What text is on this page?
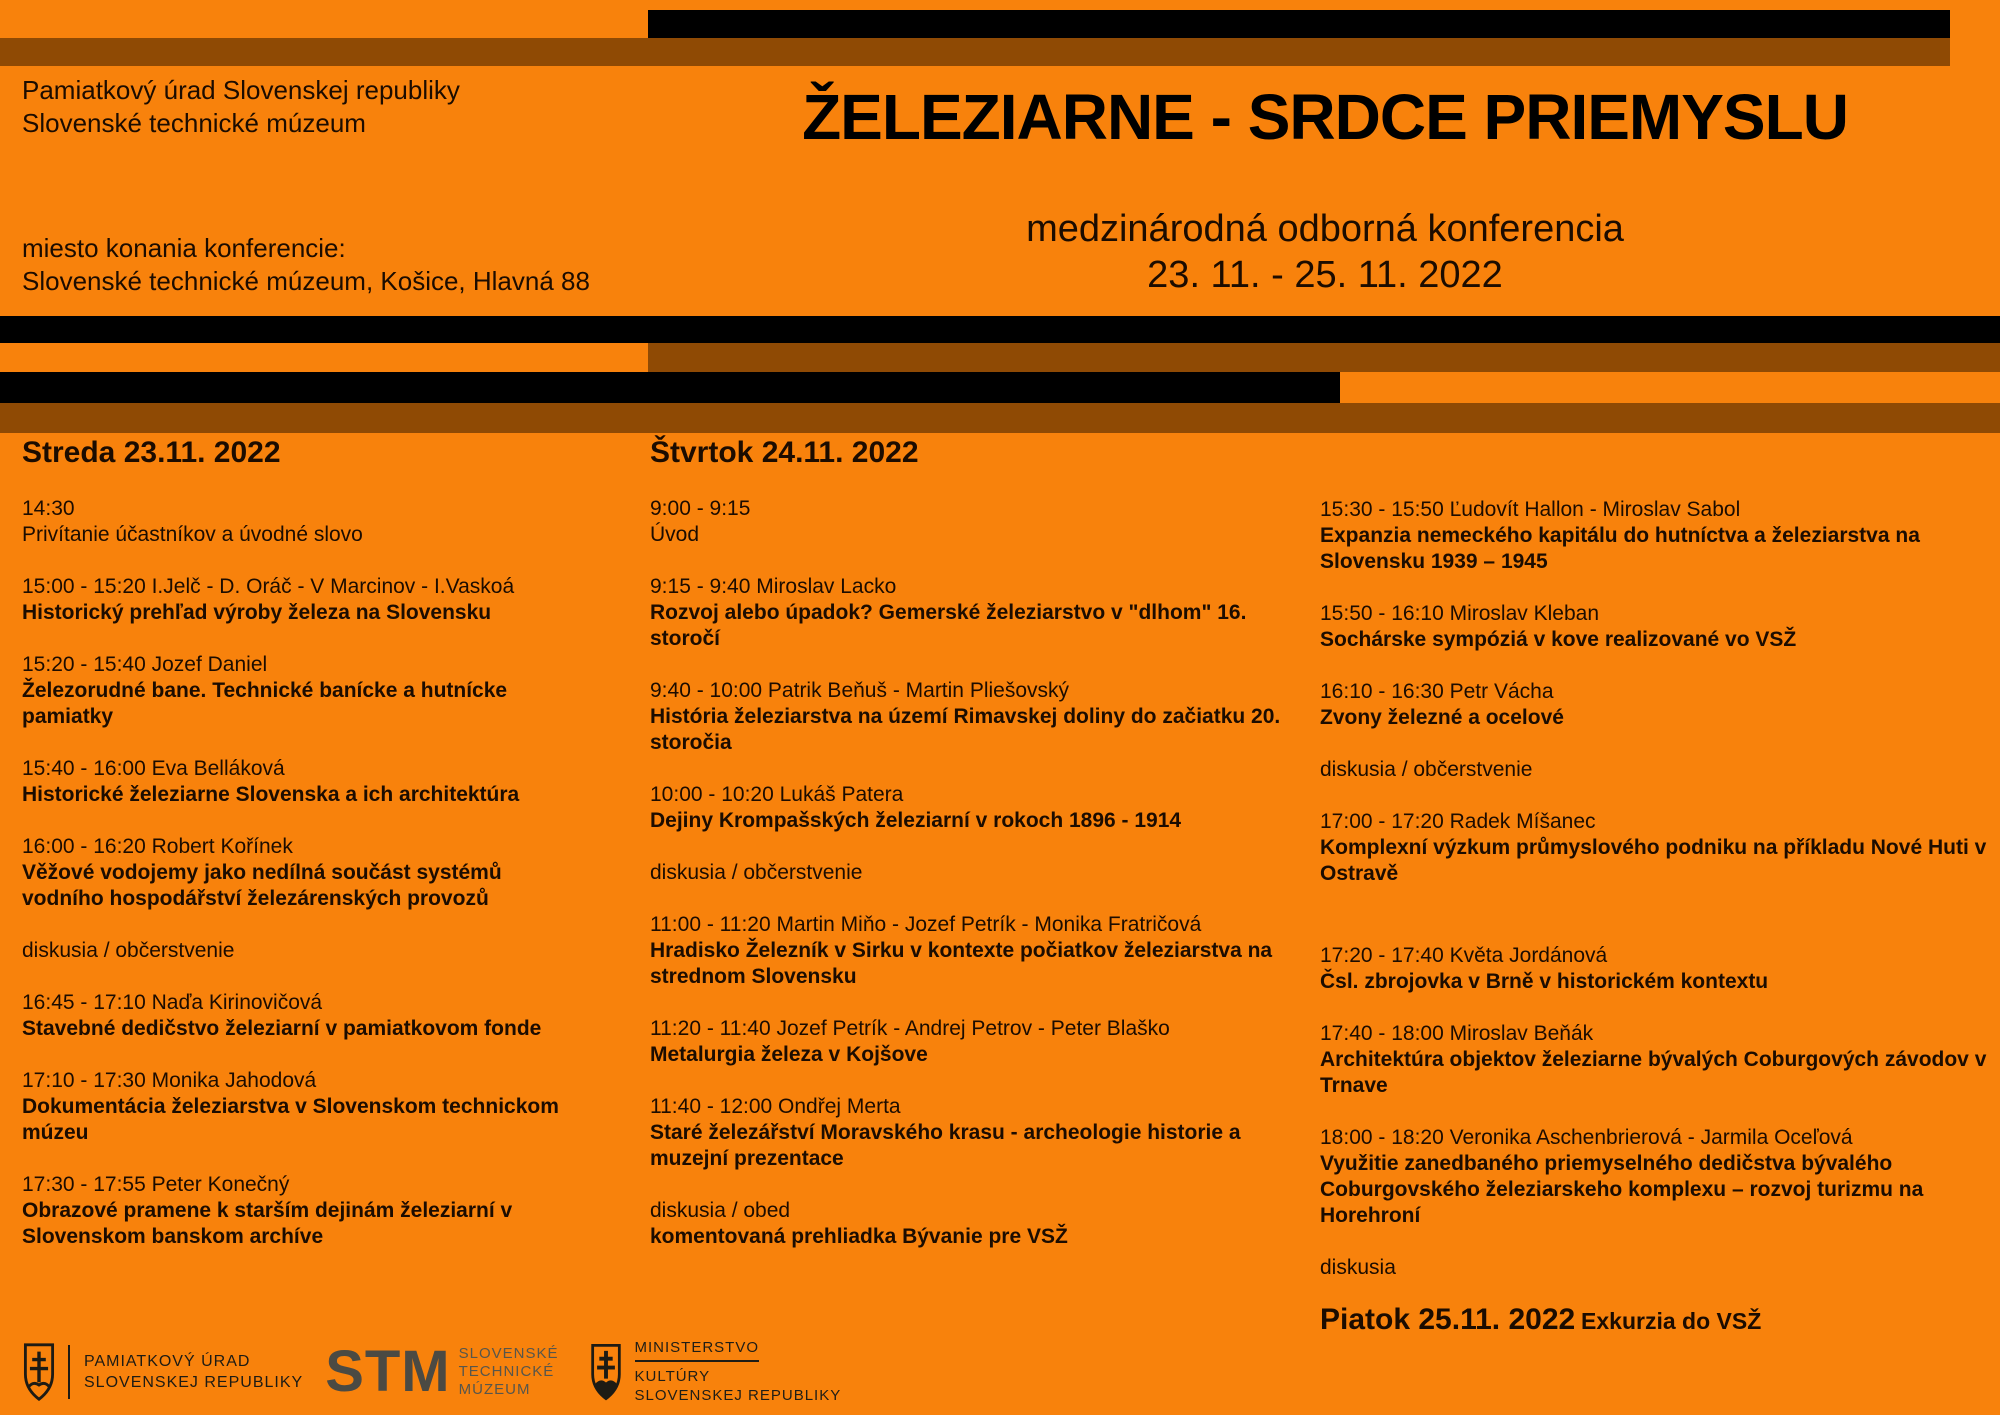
Pamiatkový úrad Slovenskej republiky
Slovenské technické múzeum
miesto konania konferencie:
Slovenské technické múzeum, Košice, Hlavná 88
ŽELEZIARNE - SRDCE PRIEMYSLU
medzinárodná odborná konferencia
23. 11. - 25. 11. 2022
Streda 23.11. 2022
14:30
Privítanie účastníkov a úvodné slovo
15:00 - 15:20 I.Jelč - D. Oráč - V Marcinov - I.Vaskoá
Historický prehľad výroby železa na Slovensku
15:20 - 15:40 Jozef Daniel
Železorudné bane. Technické banícke a hutnícke pamiatky
15:40 - 16:00 Eva Belláková
Historické železiarne Slovenska a ich architektúra
16:00 - 16:20 Robert Kořínek
Věžové vodojemy jako nedílná součást systémů vodního hospodářství železárenských provozů
diskusia / občerstvenie
16:45 - 17:10 Naďa Kirinovičová
Stavebné dedičstvo železiarní v pamiatkovom fonde
17:10 - 17:30 Monika Jahodová
Dokumentácia železiarstva v Slovenskom technickom múzeu
17:30 - 17:55 Peter Konečný
Obrazové pramene k starším dejinám železiarní v Slovenskom banskom archíve
Štvrtok 24.11. 2022
9:00 - 9:15
Úvod
9:15 - 9:40 Miroslav Lacko
Rozvoj alebo úpadok? Gemerské železiarstvo v "dlhom" 16. storočí
9:40 - 10:00 Patrik Beňuš - Martin Pliešovský
História železiarstva na území Rimavskej doliny do začiatku 20. storočia
10:00 - 10:20 Lukáš Patera
Dejiny Krompašských železiarní v rokoch 1896 - 1914
diskusia / občerstvenie
11:00 - 11:20 Martin Miňo - Jozef Petrík - Monika Fratričová
Hradisko Železník v Sirku v kontexte počiatkov železiarstva na strednom Slovensku
11:20 - 11:40 Jozef Petrík - Andrej Petrov - Peter Blaško
Metalurgia železa v Kojšove
11:40 - 12:00 Ondřej Merta
Staré železářství Moravského krasu - archeologie historie a muzejní prezentace
diskusia / obed
komentovaná prehliadka Bývanie pre VSŽ
15:30 - 15:50 Ľudovít Hallon - Miroslav Sabol
Expanzia nemeckého kapitálu do hutníctva a železiarstva na Slovensku 1939 – 1945
15:50 - 16:10 Miroslav Kleban
Sochárske sympóziá v kove realizované vo VSŽ
16:10 - 16:30 Petr Vácha
Zvony železné a ocelové
diskusia / občerstvenie
17:00 - 17:20 Radek Míšanec
Komplexní výzkum průmyslového podniku na příkladu Nové Huti v Ostravě
17:20 - 17:40 Květa Jordánová
Čsl. zbrojovka v Brně v historickém kontextu
17:40 - 18:00 Miroslav Beňák
Architektúra objektov železiarne bývalých Coburgových závodov v Trnave
18:00 - 18:20 Veronika Aschenbrierová - Jarmila Oceľová
Využitie zanedbaného priemyselného dedičstva bývalého Coburgovského železiarskeho komplexu – rozvoj turizmu na Horehroní
diskusia
Piatok 25.11. 2022 Exkurzia do VSŽ
PAMIATKOVÝ ÚRAD
SLOVENSKEJ REPUBLIKY STM SLOVENSKÉ
TECHNICKÉ
MÚZEUM
MINISTERSTVO
KULTÚRY
SLOVENSKEJ REPUBLIKY
